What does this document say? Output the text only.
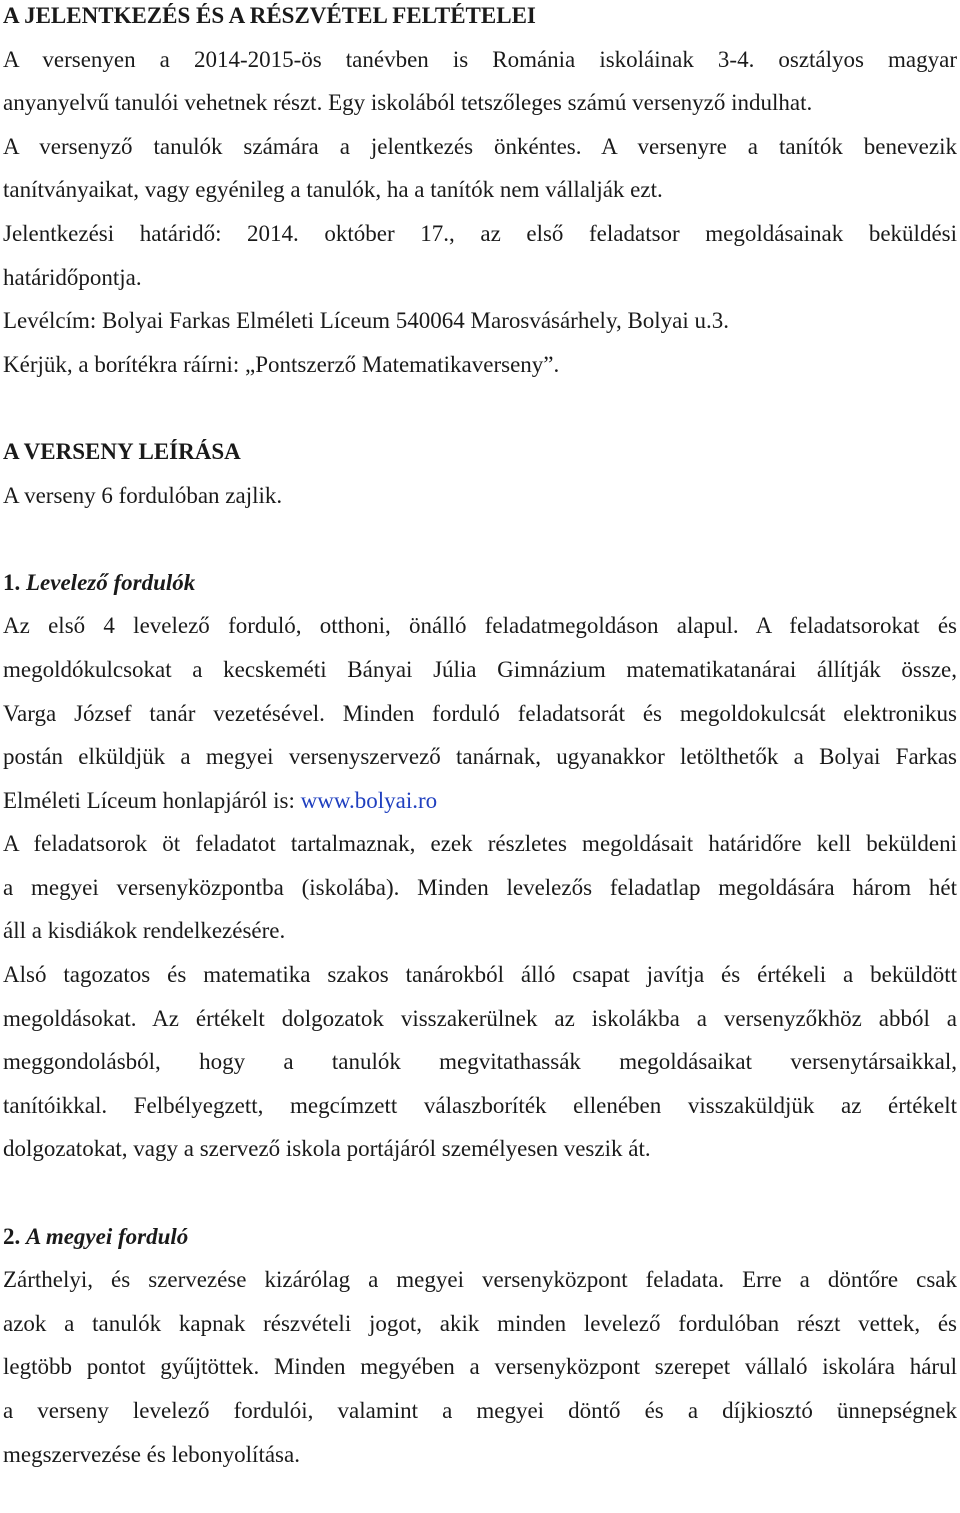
A JELENTKEZÉS ÉS A RÉSZVÉTEL FELTÉTELEI
A versenyen a 2014-2015-ös tanévben is Románia iskoláinak 3-4. osztályos magyar
anyanyelvű tanulói vehetnek részt. Egy iskolából tetszőleges számú versenyző indulhat.
A versenyző tanulók számára a jelentkezés önkéntes. A versenyre a tanítók benevezik
tanítványaikat, vagy egyénileg a tanulók, ha a tanítók nem vállalják ezt.
Jelentkezési határidő: 2014. október 17., az első feladatsor megoldásainak beküldési
határidőpontja.
Levélcím: Bolyai Farkas Elméleti Líceum 540064 Marosvásárhely, Bolyai u.3.
Kérjük, a borítékra ráírni: „Pontszerző Matematikaverseny”.
A VERSENY LEÍRÁSA
A verseny 6 fordulóban zajlik.
1. Levelező fordulók
Az első 4 levelező forduló, otthoni, önálló feladatmegoldáson alapul. A feladatsorokat és
megoldókulcsokat a kecskeméti Bányai Júlia Gimnázium matematikatanárai állítják össze,
Varga József tanár vezetésével. Minden forduló feladatsorát és megoldokulcsát elektronikus
postán elküldjük a megyei versenyszervező tanárnak, ugyanakkor letölthetők a Bolyai Farkas
Elméleti Líceum honlapjáról is: www.bolyai.ro
A feladatsorok öt feladatot tartalmaznak, ezek részletes megoldásait határidőre kell beküldeni
a megyei versenyközpontba (iskolába). Minden levelezős feladatlap megoldására három hét
áll a kisdiákok rendelkezésére.
Alsó tagozatos és matematika szakos tanárokból álló csapat javítja és értékeli a beküldött
megoldásokat. Az értékelt dolgozatok visszakerülnek az iskolákba a versenyzőkhöz abból a
meggondolásból, hogy a tanulók megvitathassák megoldásaikat versenytársaikkal,
tanítóikkal. Felbélyegzett, megcímzett válaszboríték ellenében visszaküldjük az értékelt
dolgozatokat, vagy a szervező iskola portájáról személyesen veszik át.
2. A megyei forduló
Zárthelyi, és szervezése kizárólag a megyei versenyközpont feladata. Erre a döntőre csak
azok a tanulók kapnak részvételi jogot, akik minden levelező fordulóban részt vettek, és
legtöbb pontot gyűjtöttek. Minden megyében a versenyközpont szerepet vállaló iskolára hárul
a verseny levelező fordulói, valamint a megyei döntő és a díjkiosztó ünnepségnek
megszervezése és lebonyolítása.
